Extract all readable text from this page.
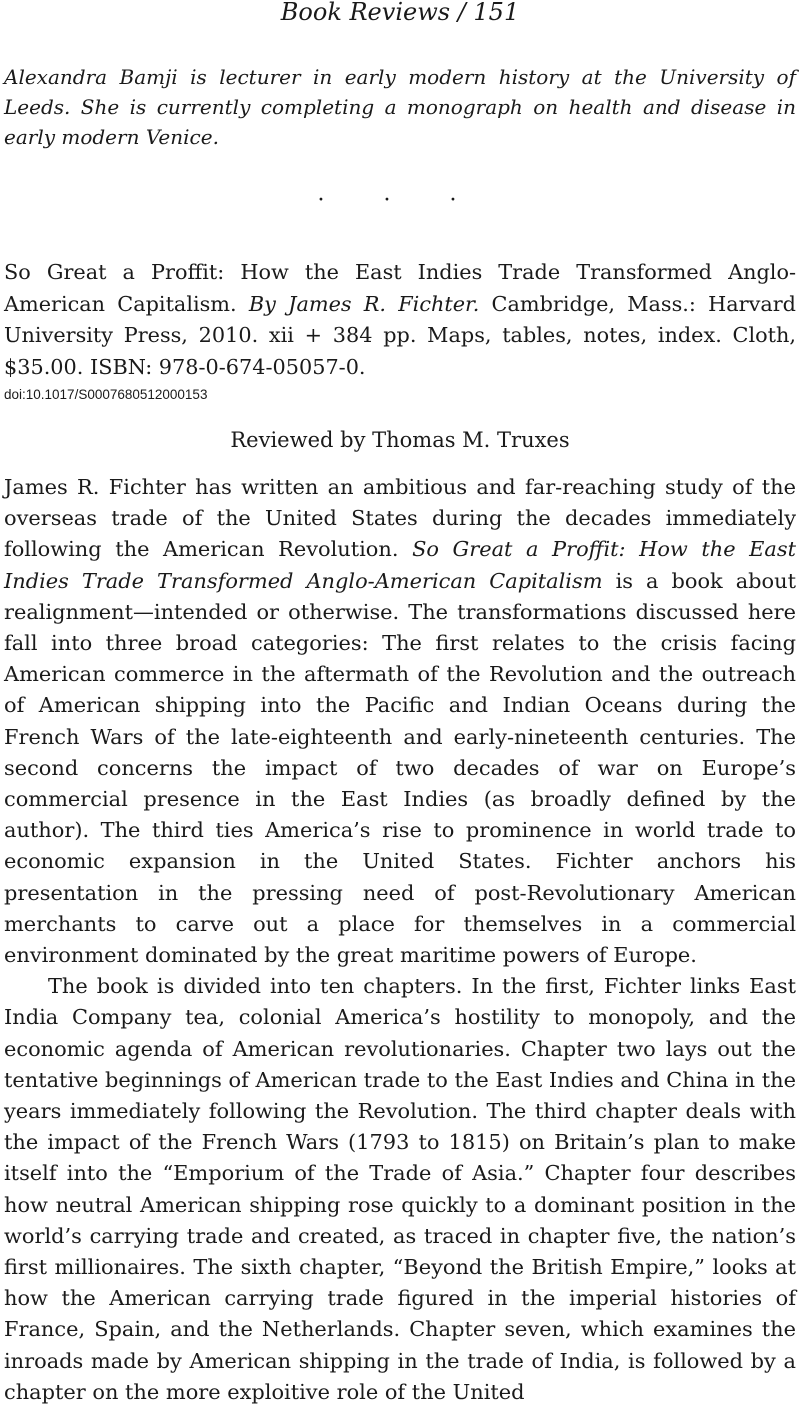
Book Reviews / 151

Alexandra Bamji is lecturer in early modern history at the University of Leeds. She is currently completing a monograph on health and disease in early modern Venice.

· · ·

So Great a Proffit: How the East Indies Trade Transformed Anglo-American Capitalism. By James R. Fichter. Cambridge, Mass.: Harvard University Press, 2010. xii + 384 pp. Maps, tables, notes, index. Cloth, $35.00. ISBN: 978-0-674-05057-0.

doi:10.1017/S0007680512000153
Reviewed by Thomas M. Truxes

James R. Fichter has written an ambitious and far-reaching study of the overseas trade of the United States during the decades immediately following the American Revolution. So Great a Proffit: How the East Indies Trade Transformed Anglo-American Capitalism is a book about realignment—intended or otherwise. The transformations discussed here fall into three broad categories: The first relates to the crisis facing American commerce in the aftermath of the Revolution and the outreach of American shipping into the Pacific and Indian Oceans during the French Wars of the late-eighteenth and early-nineteenth centuries. The second concerns the impact of two decades of war on Europe’s commercial presence in the East Indies (as broadly defined by the author). The third ties America’s rise to prominence in world trade to economic expansion in the United States. Fichter anchors his presentation in the pressing need of post-Revolutionary American merchants to carve out a place for themselves in a commercial environment dominated by the great maritime powers of Europe.

The book is divided into ten chapters. In the first, Fichter links East India Company tea, colonial America’s hostility to monopoly, and the economic agenda of American revolutionaries. Chapter two lays out the tentative beginnings of American trade to the East Indies and China in the years immediately following the Revolution. The third chapter deals with the impact of the French Wars (1793 to 1815) on Britain’s plan to make itself into the “Emporium of the Trade of Asia.” Chapter four describes how neutral American shipping rose quickly to a dominant position in the world’s carrying trade and created, as traced in chapter five, the nation’s first millionaires. The sixth chapter, “Beyond the British Empire,” looks at how the American carrying trade figured in the imperial histories of France, Spain, and the Netherlands. Chapter seven, which examines the inroads made by American shipping in the trade of India, is followed by a chapter on the more exploitive role of the United
